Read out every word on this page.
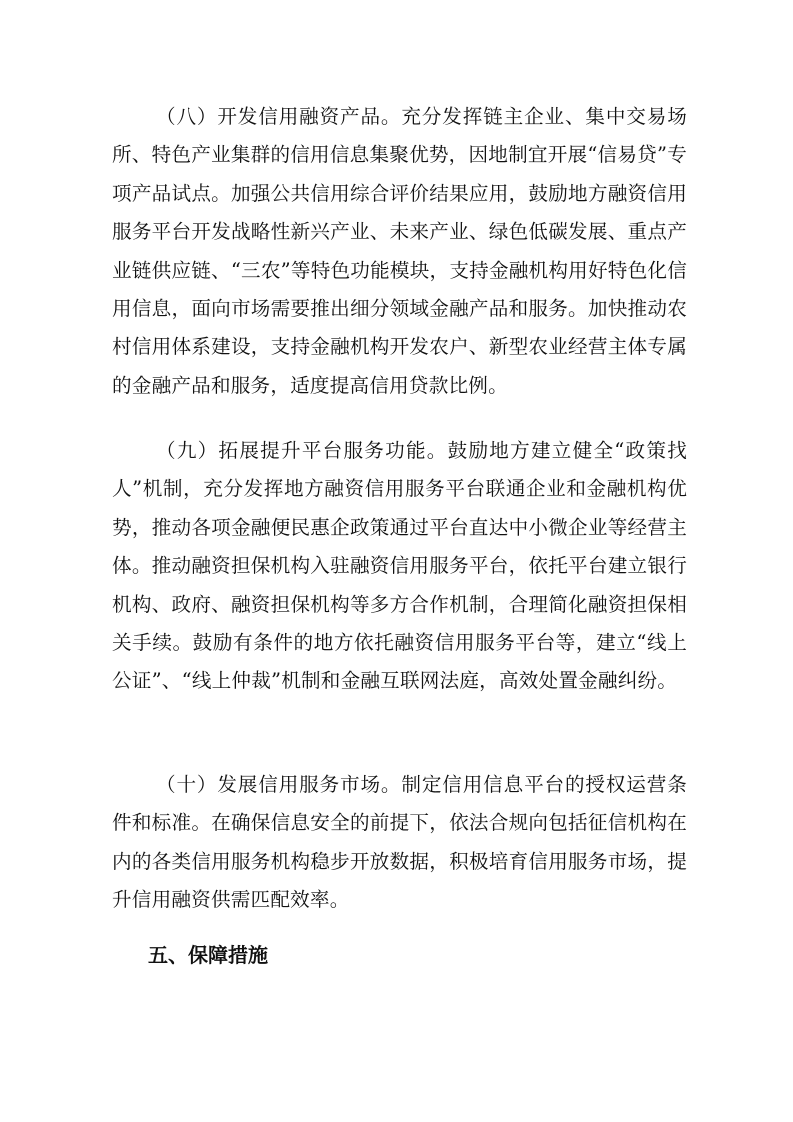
（八）开发信用融资产品。充分发挥链主企业、集中交易场所、特色产业集群的信用信息集聚优势，因地制宜开展“信易贷”专项产品试点。加强公共信用综合评价结果应用，鼓励地方融资信用服务平台开发战略性新兴产业、未来产业、绿色低碳发展、重点产业链供应链、“三农”等特色功能模块，支持金融机构用好特色化信用信息，面向市场需要推出细分领域金融产品和服务。加快推动农村信用体系建设，支持金融机构开发农户、新型农业经营主体专属的金融产品和服务，适度提高信用贷款比例。

（九）拓展提升平台服务功能。鼓励地方建立健全“政策找人”机制，充分发挥地方融资信用服务平台联通企业和金融机构优势，推动各项金融便民惠企政策通过平台直达中小微企业等经营主体。推动融资担保机构入驻融资信用服务平台，依托平台建立银行机构、政府、融资担保机构等多方合作机制，合理简化融资担保相关手续。鼓励有条件的地方依托融资信用服务平台等，建立“线上公证”、“线上仲裁”机制和金融互联网法庭，高效处置金融纠纷。

（十）发展信用服务市场。制定信用信息平台的授权运营条件和标准。在确保信息安全的前提下，依法合规向包括征信机构在内的各类信用服务机构稳步开放数据，积极培育信用服务市场，提升信用融资供需匹配效率。

五、保障措施
